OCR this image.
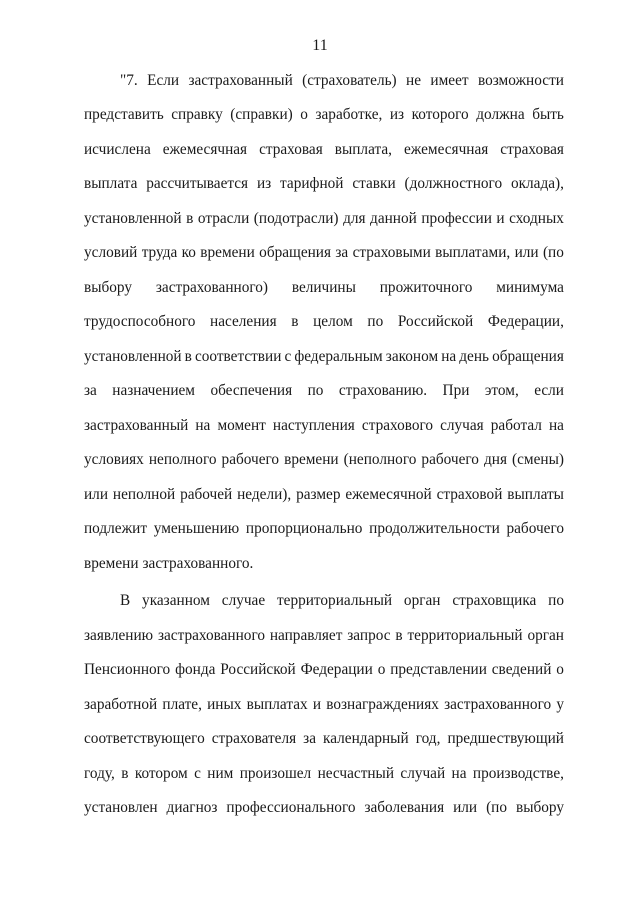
11
"7. Если застрахованный (страхователь) не имеет возможности
представить справку (справки) о заработке, из которого должна быть
исчислена ежемесячная страховая выплата, ежемесячная страховая
выплата рассчитывается из тарифной ставки (должностного оклада),
установленной в отрасли (подотрасли) для данной профессии и сходных
условий труда ко времени обращения за страховыми выплатами, или (по
выбору застрахованного) величины прожиточного минимума
трудоспособного населения в целом по Российской Федерации,
установленной в соответствии с федеральным законом на день обращения
за назначением обеспечения по страхованию. При этом, если
застрахованный на момент наступления страхового случая работал на
условиях неполного рабочего времени (неполного рабочего дня (смены)
или неполной рабочей недели), размер ежемесячной страховой выплаты
подлежит уменьшению пропорционально продолжительности рабочего
времени застрахованного.
В указанном случае территориальный орган страховщика по
заявлению застрахованного направляет запрос в территориальный орган
Пенсионного фонда Российской Федерации о представлении сведений о
заработной плате, иных выплатах и вознаграждениях застрахованного у
соответствующего страхователя за календарный год, предшествующий
году, в котором с ним произошел несчастный случай на производстве,
установлен диагноз профессионального заболевания или (по выбору
